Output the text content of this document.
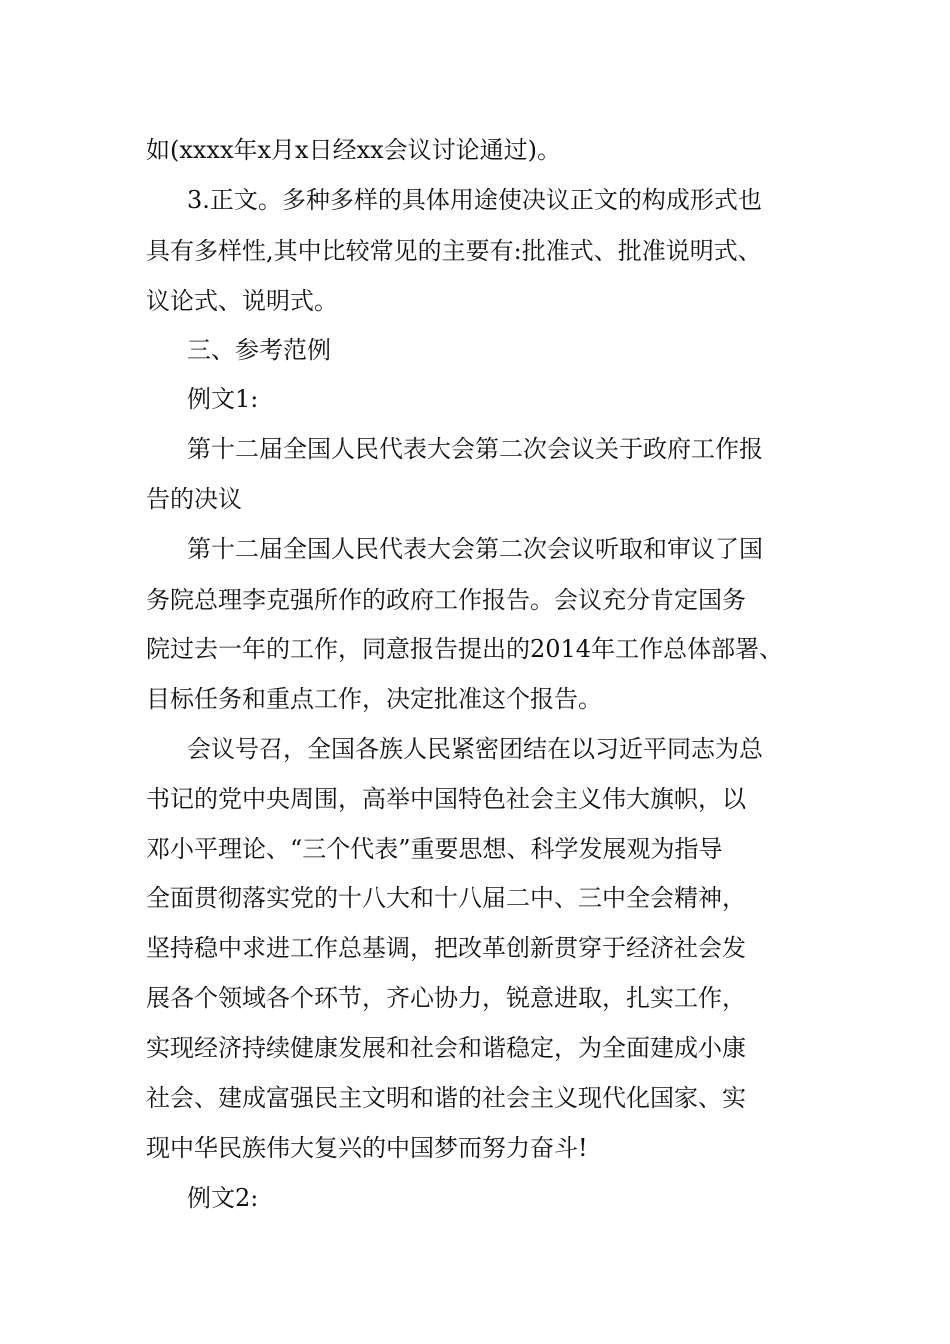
如(xxxx年x月x日经xx会议讨论通过)。
3.正文。多种多样的具体用途使决议正文的构成形式也
具有多样性,其中比较常见的主要有:批准式、批准说明式、
议论式、说明式。
三、参考范例
例文1:
第十二届全国人民代表大会第二次会议关于政府工作报
告的决议
第十二届全国人民代表大会第二次会议听取和审议了国
务院总理李克强所作的政府工作报告。会议充分肯定国务
院过去一年的工作，同意报告提出的2014年工作总体部署、
目标任务和重点工作，决定批准这个报告。
会议号召，全国各族人民紧密团结在以习近平同志为总
书记的党中央周围，高举中国特色社会主义伟大旗帜，以
邓小平理论、“三个代表”重要思想、科学发展观为指导
全面贯彻落实党的十八大和十八届二中、三中全会精神，
坚持稳中求进工作总基调，把改革创新贯穿于经济社会发
展各个领域各个环节，齐心协力，锐意进取，扎实工作，
实现经济持续健康发展和社会和谐稳定，为全面建成小康
社会、建成富强民主文明和谐的社会主义现代化国家、实
现中华民族伟大复兴的中国梦而努力奋斗!
例文2:
